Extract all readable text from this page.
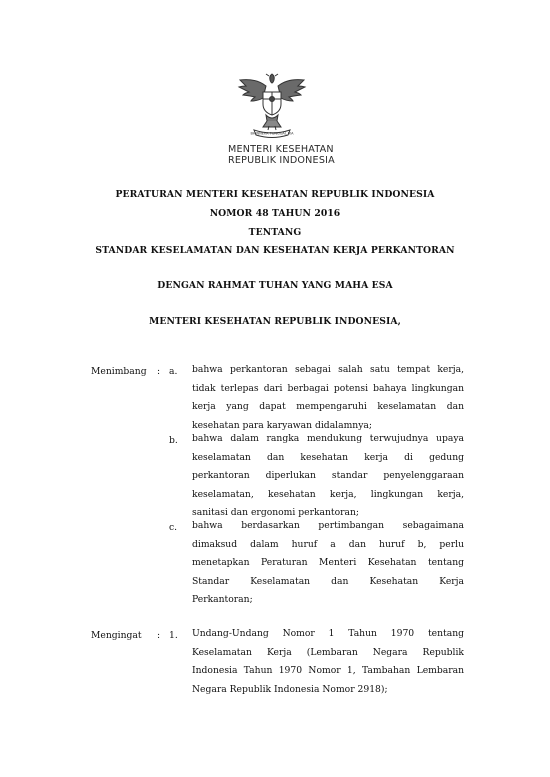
BHINNEKA TUNGGAL IKA
MENTERI KESEHATAN
REPUBLIK INDONESIA
PERATURAN MENTERI KESEHATAN REPUBLIK INDONESIA
NOMOR 48 TAHUN 2016
TENTANG
STANDAR KESELAMATAN DAN KESEHATAN KERJA PERKANTORAN
DENGAN RAHMAT TUHAN YANG MAHA ESA
MENTERI KESEHATAN REPUBLIK INDONESIA,
Menimbang : a. bahwa perkantoran sebagai salah satu tempat kerja,
tidak terlepas dari berbagai potensi bahaya lingkungan
kerja yang dapat mempengaruhi keselamatan dan
kesehatan para karyawan didalamnya;
b. bahwa dalam rangka mendukung terwujudnya upaya
keselamatan dan kesehatan kerja di gedung
perkantoran diperlukan standar penyelenggaraan
keselamatan, kesehatan kerja, lingkungan kerja,
sanitasi dan ergonomi perkantoran;
c. bahwa berdasarkan pertimbangan sebagaimana
dimaksud dalam huruf a dan huruf b, perlu
menetapkan Peraturan Menteri Kesehatan tentang
Standar Keselamatan dan Kesehatan Kerja
Perkantoran;
Mengingat : 1. Undang-Undang Nomor 1 Tahun 1970 tentang
Keselamatan Kerja (Lembaran Negara Republik
Indonesia Tahun 1970 Nomor 1, Tambahan Lembaran
Negara Republik Indonesia Nomor 2918);
